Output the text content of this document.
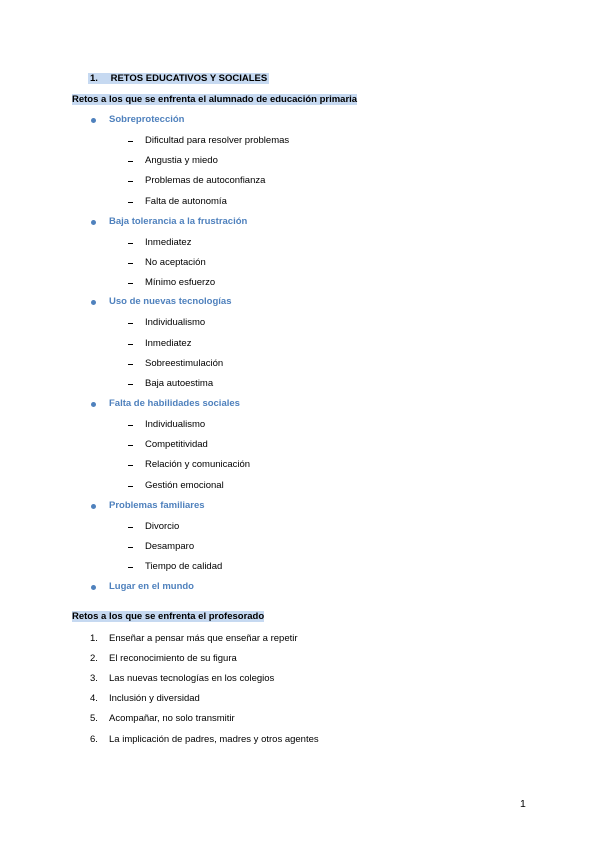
1. RETOS EDUCATIVOS Y SOCIALES
Retos a los que se enfrenta el alumnado de educación primaria
Sobreprotección
Dificultad para resolver problemas
Angustia y miedo
Problemas de autoconfianza
Falta de autonomía
Baja tolerancia a la frustración
Inmediatez
No aceptación
Mínimo esfuerzo
Uso de nuevas tecnologías
Individualismo
Inmediatez
Sobreestimulación
Baja autoestima
Falta de habilidades sociales
Individualismo
Competitividad
Relación y comunicación
Gestión emocional
Problemas familiares
Divorcio
Desamparo
Tiempo de calidad
Lugar en el mundo
Retos a los que se enfrenta el profesorado
1. Enseñar a pensar más que enseñar a repetir
2. El reconocimiento de su figura
3. Las nuevas tecnologías en los colegios
4. Inclusión y diversidad
5. Acompañar, no solo transmitir
6. La implicación de padres, madres y otros agentes
1
